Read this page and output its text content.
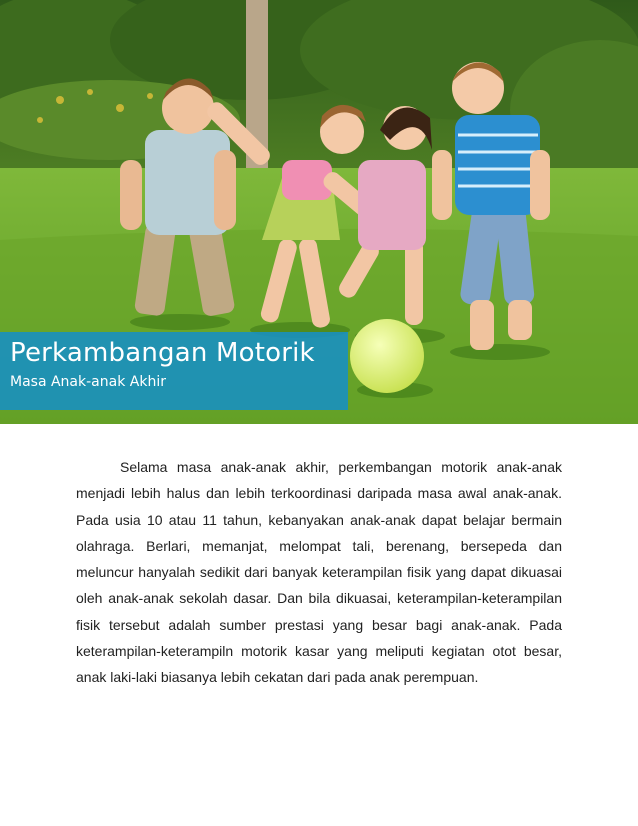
Perkambangan Motorik
Masa Anak-anak Akhir

Selama masa anak-anak akhir, perkembangan motorik anak-anak menjadi lebih halus dan lebih terkoordinasi daripada masa awal anak-anak. Pada usia 10 atau 11 tahun, kebanyakan anak-anak dapat belajar bermain olahraga. Berlari, memanjat, melompat tali, berenang, bersepeda dan meluncur hanyalah sedikit dari banyak keterampilan fisik yang dapat dikuasai oleh anak-anak sekolah dasar. Dan bila dikuasai, keterampilan-keterampilan fisik tersebut adalah sumber prestasi yang besar bagi anak-anak. Pada keterampilan-keterampiln motorik kasar yang meliputi kegiatan otot besar, anak laki-laki biasanya lebih cekatan dari pada anak perempuan.
